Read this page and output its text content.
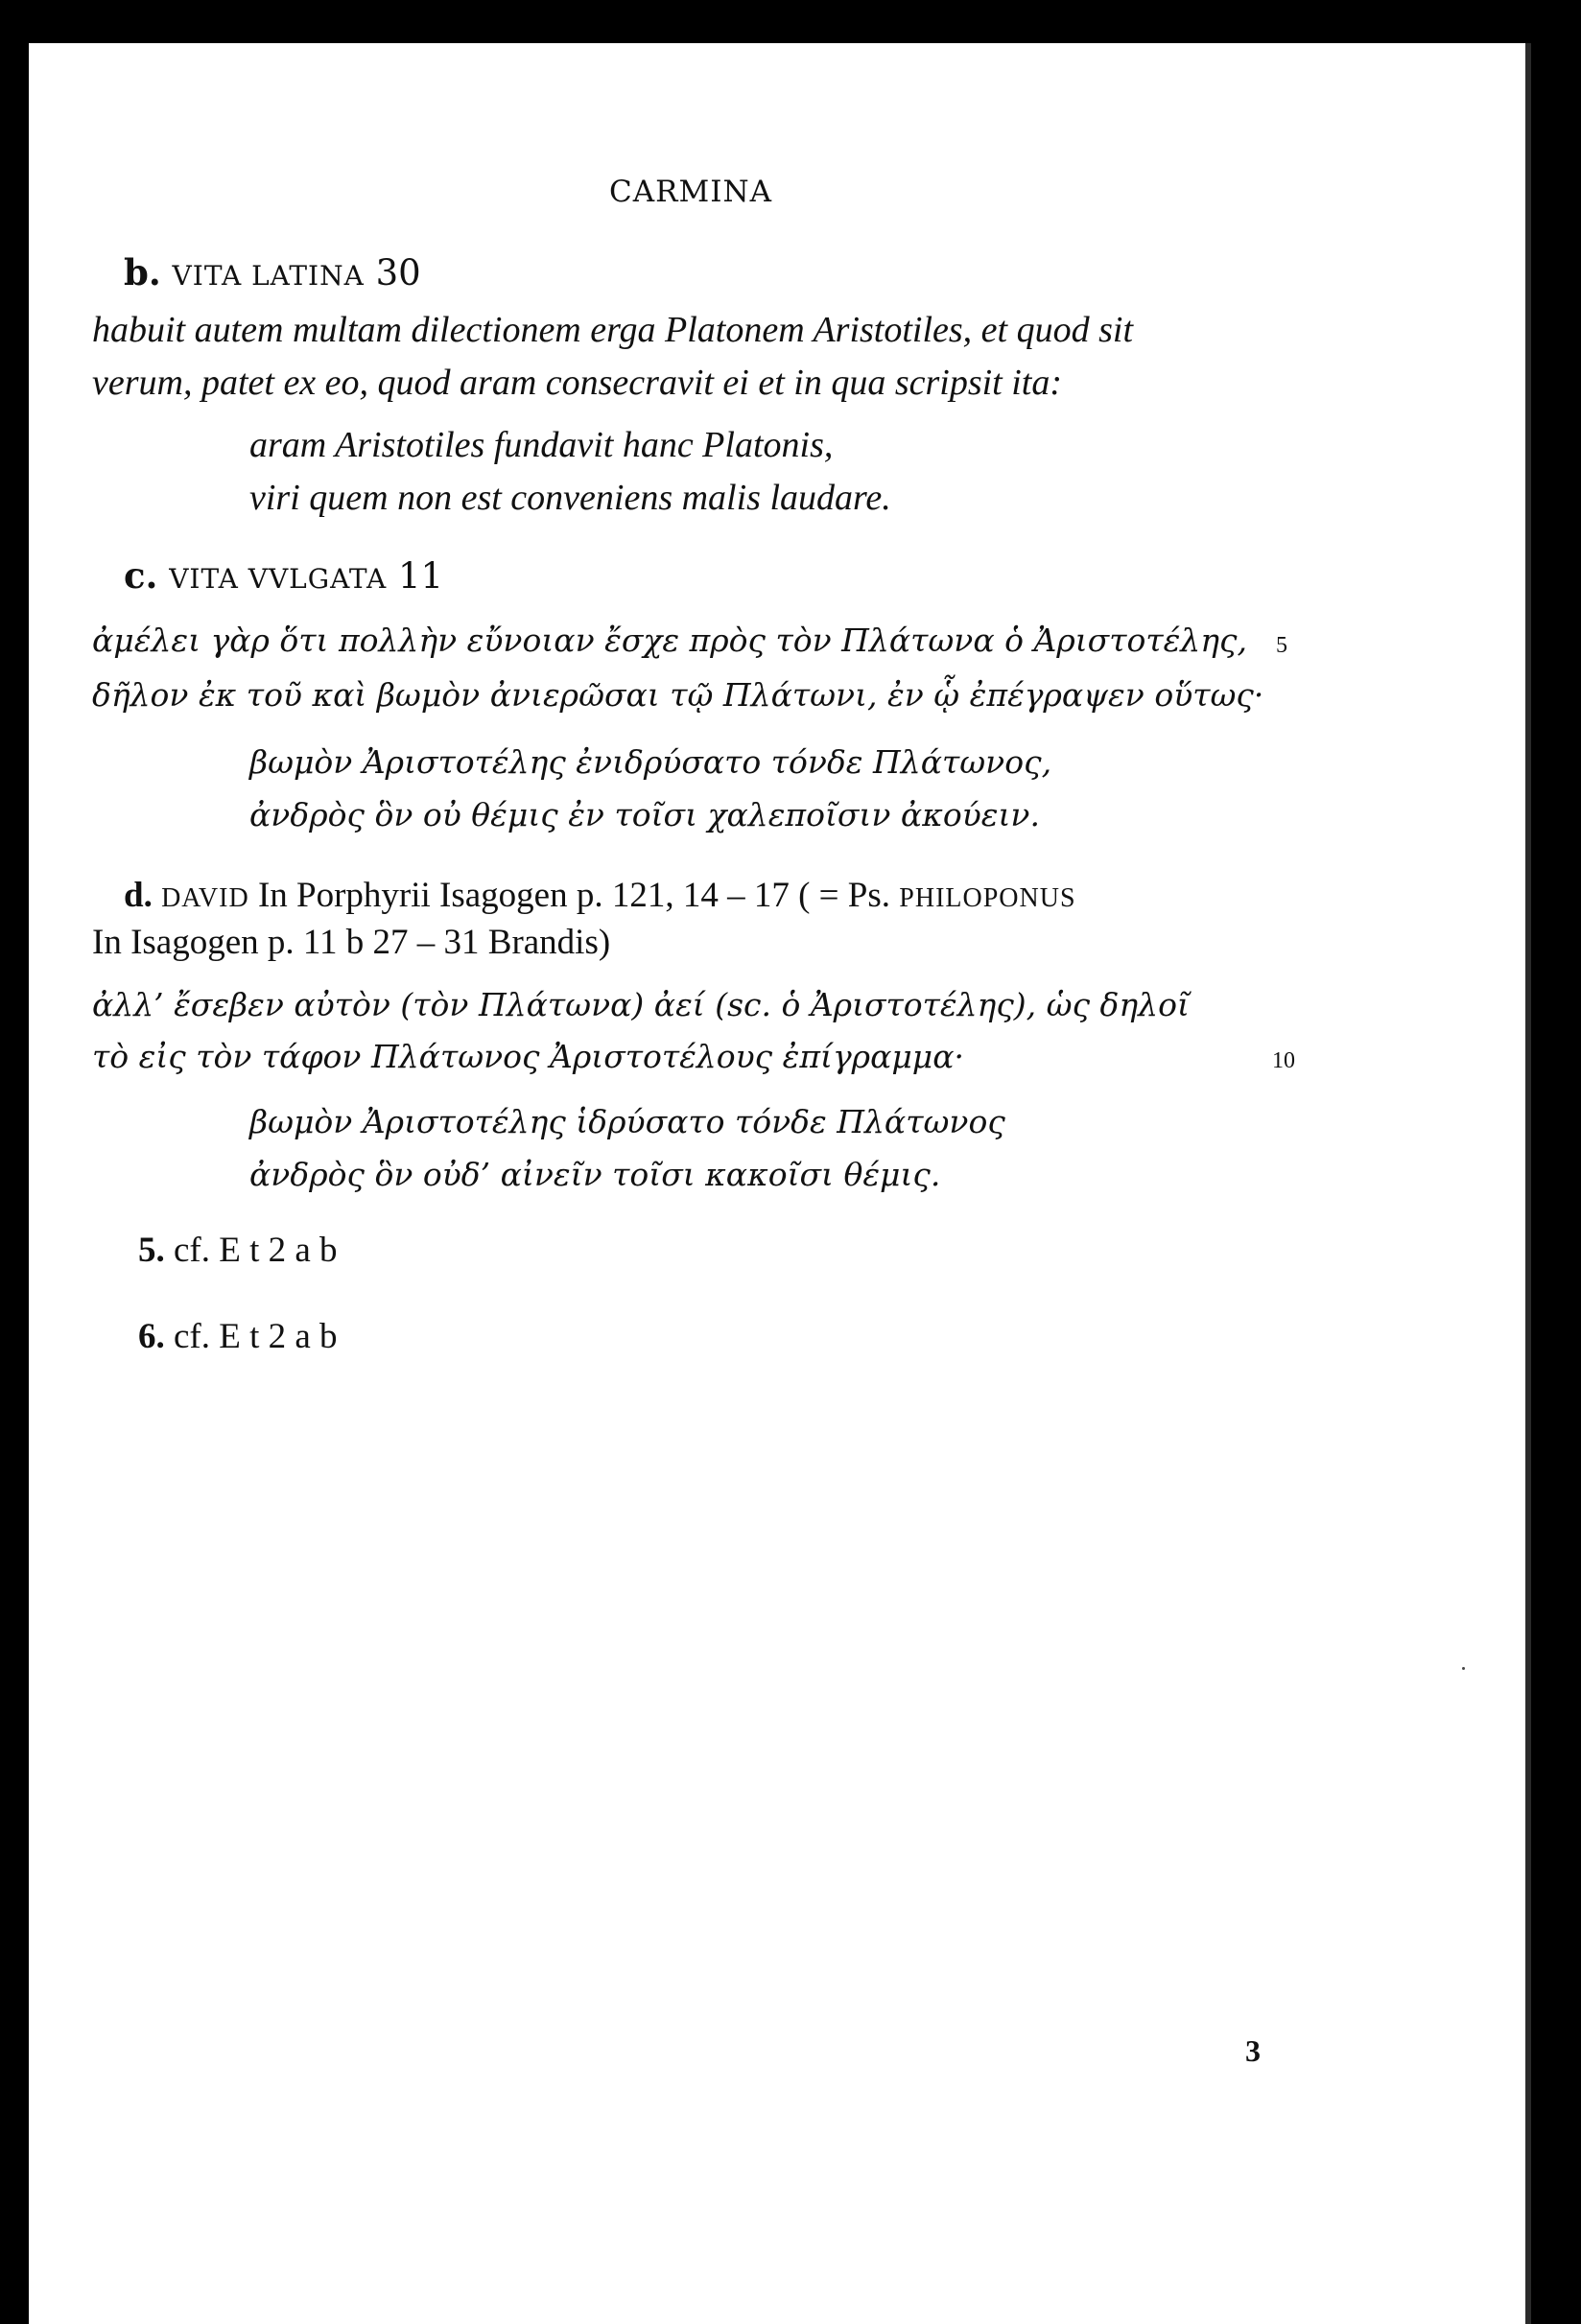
CARMINA
b. VITA LATINA 30
habuit autem multam dilectionem erga Platonem Aristotiles, et quod sit
verum, patet ex eo, quod aram consecravit ei et in qua scripsit ita:
aram Aristotiles fundavit hanc Platonis,
viri quem non est conveniens malis laudare.
c. VITA VVLGATA 11
ἀμέλει γὰρ ὅτι πολλὴν εὔνοιαν ἔσχε πρὸς τὸν Πλάτωνα ὁ Ἀριστοτέλης, 5
δῆλον ἐκ τοῦ καὶ βωμὸν ἀνιερῶσαι τῷ Πλάτωνι, ἐν ᾧ ἐπέγραψεν οὕτως·
βωμὸν Ἀριστοτέλης ἐνιδρύσατο τόνδε Πλάτωνος,
ἀνδρὸς ὃν οὐ θέμις ἐν τοῖσι χαλεποῖσιν ἀκούειν.
d. DAVID In Porphyrii Isagogen p. 121, 14 – 17 ( = Ps. PHILOPONUS
In Isagogen p. 11 b 27 – 31 Brandis)
ἀλλ’ ἔσεβεν αὐτὸν (τὸν Πλάτωνα) ἀεί (sc. ὁ Ἀριστοτέλης), ὡς δηλοῖ
τὸ εἰς τὸν τάφον Πλάτωνος Ἀριστοτέλους ἐπίγραμμα·	10
βωμὸν Ἀριστοτέλης ἱδρύσατο τόνδε Πλάτωνος
ἀνδρὸς ὃν οὐδ’ αἰνεῖν τοῖσι κακοῖσι θέμις.
5. cf. E t 2 a b
6. cf. E t 2 a b
3
